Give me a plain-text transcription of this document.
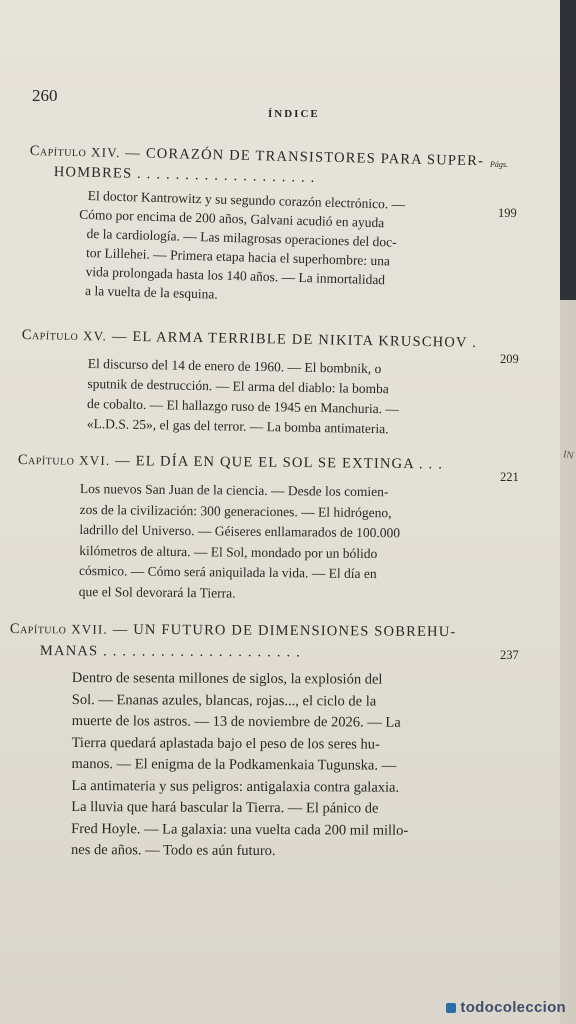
IN
260
ÍNDICE
Págs.
Capítulo XIV. — CORAZÓN DE TRANSISTORES PARA SUPER-
HOMBRES . . . . . . . . . . . . . . . . . . .
199
El doctor Kantrowitz y su segundo corazón electrónico. —
Cómo por encima de 200 años, Galvani acudió en ayuda
de la cardiología. — Las milagrosas operaciones del doc-
tor Lillehei. — Primera etapa hacia el superhombre: una
vida prolongada hasta los 140 años. — La inmortalidad
a la vuelta de la esquina.
Capítulo XV. — EL ARMA TERRIBLE DE NIKITA KRUSCHOV .
209
El discurso del 14 de enero de 1960. — El bombnik, o
sputnik de destrucción. — El arma del diablo: la bomba
de cobalto. — El hallazgo ruso de 1945 en Manchuria. —
«L.D.S. 25», el gas del terror. — La bomba antimateria.
Capítulo XVI. — EL DÍA EN QUE EL SOL SE EXTINGA . . .
221
Los nuevos San Juan de la ciencia. — Desde los comien-
zos de la civilización: 300 generaciones. — El hidrógeno,
ladrillo del Universo. — Géiseres enllamarados de 100.000
kilómetros de altura. — El Sol, mondado por un bólido
cósmico. — Cómo será aniquilada la vida. — El día en
que el Sol devorará la Tierra.
Capítulo XVII. — UN FUTURO DE DIMENSIONES SOBREHU-
MANAS . . . . . . . . . . . . . . . . . . . . .	237
Dentro de sesenta millones de siglos, la explosión del
Sol. — Enanas azules, blancas, rojas..., el ciclo de la
muerte de los astros. — 13 de noviembre de 2026. — La
Tierra quedará aplastada bajo el peso de los seres hu-
manos. — El enigma de la Podkamenkaia Tugunska. —
La antimateria y sus peligros: antigalaxia contra galaxia.
La lluvia que hará bascular la Tierra. — El pánico de
Fred Hoyle. — La galaxia: una vuelta cada 200 mil millo-
nes de años. — Todo es aún futuro.
todocoleccion
